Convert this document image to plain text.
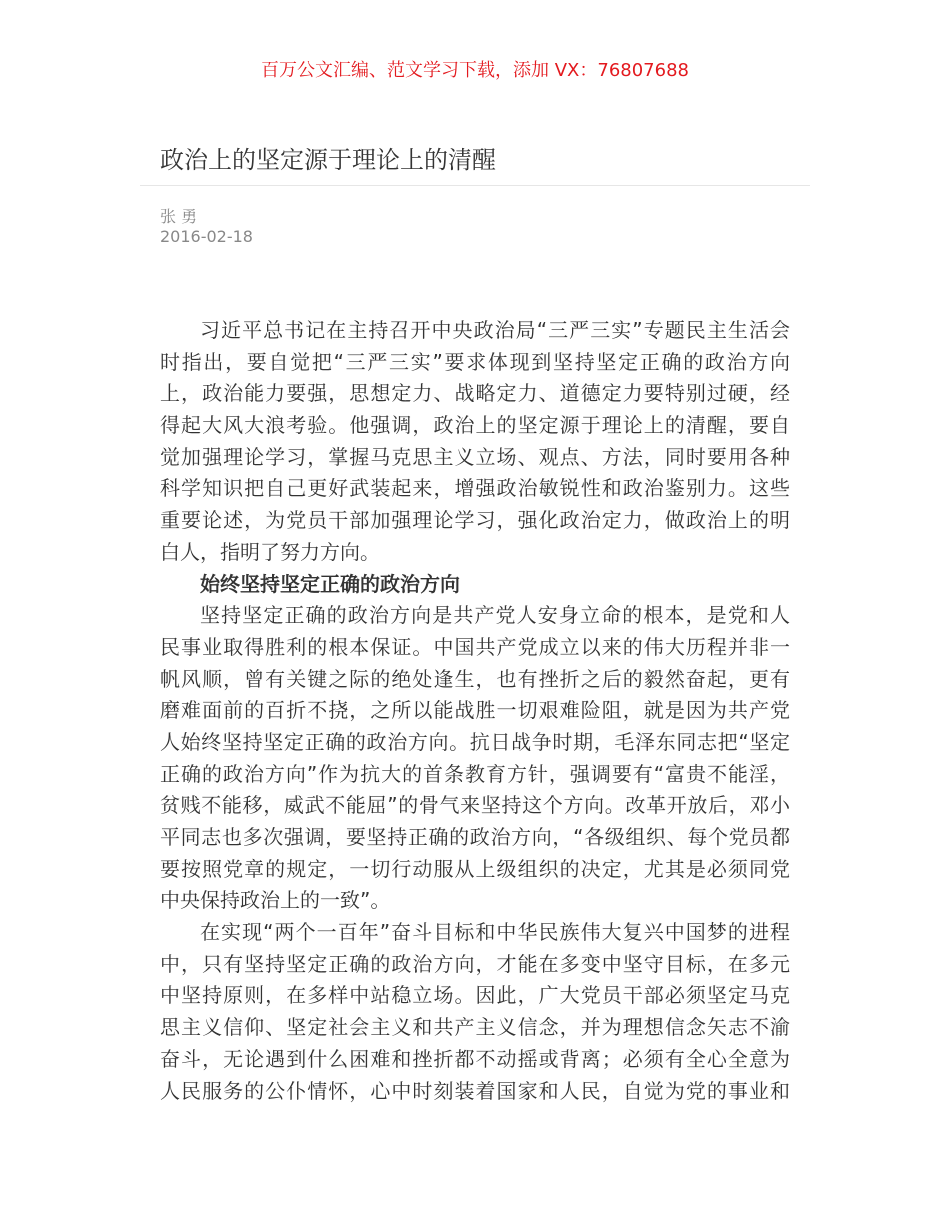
百万公文汇编、范文学习下载，添加 VX：76807688
政治上的坚定源于理论上的清醒
张 勇
2016-02-18
习近平总书记在主持召开中央政治局“三严三实”专题民主生活会
时指出，要自觉把“三严三实”要求体现到坚持坚定正确的政治方向
上，政治能力要强，思想定力、战略定力、道德定力要特别过硬，经
得起大风大浪考验。他强调，政治上的坚定源于理论上的清醒，要自
觉加强理论学习，掌握马克思主义立场、观点、方法，同时要用各种
科学知识把自己更好武装起来，增强政治敏锐性和政治鉴别力。这些
重要论述，为党员干部加强理论学习，强化政治定力，做政治上的明
白人，指明了努力方向。
始终坚持坚定正确的政治方向
坚持坚定正确的政治方向是共产党人安身立命的根本，是党和人
民事业取得胜利的根本保证。中国共产党成立以来的伟大历程并非一
帆风顺，曾有关键之际的绝处逢生，也有挫折之后的毅然奋起，更有
磨难面前的百折不挠，之所以能战胜一切艰难险阻，就是因为共产党
人始终坚持坚定正确的政治方向。抗日战争时期，毛泽东同志把“坚定
正确的政治方向”作为抗大的首条教育方针，强调要有“富贵不能淫，
贫贱不能移，威武不能屈”的骨气来坚持这个方向。改革开放后，邓小
平同志也多次强调，要坚持正确的政治方向，“各级组织、每个党员都
要按照党章的规定，一切行动服从上级组织的决定，尤其是必须同党
中央保持政治上的一致”。
在实现“两个一百年”奋斗目标和中华民族伟大复兴中国梦的进程
中，只有坚持坚定正确的政治方向，才能在多变中坚守目标，在多元
中坚持原则，在多样中站稳立场。因此，广大党员干部必须坚定马克
思主义信仰、坚定社会主义和共产主义信念，并为理想信念矢志不渝
奋斗，无论遇到什么困难和挫折都不动摇或背离；必须有全心全意为
人民服务的公仆情怀，心中时刻装着国家和人民，自觉为党的事业和
